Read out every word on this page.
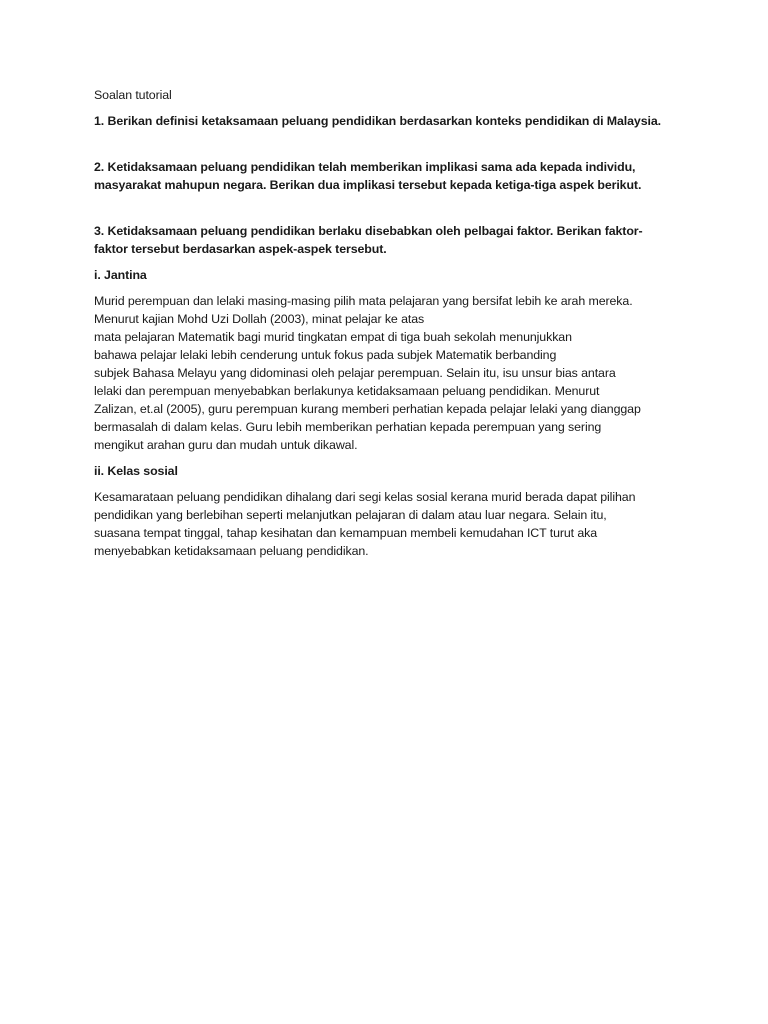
Soalan tutorial
1. Berikan definisi ketaksamaan peluang pendidikan berdasarkan konteks pendidikan di Malaysia.
2. Ketidaksamaan peluang pendidikan telah memberikan implikasi sama ada kepada individu,
masyarakat mahupun negara. Berikan dua implikasi tersebut kepada ketiga-tiga aspek berikut.
3. Ketidaksamaan peluang pendidikan berlaku disebabkan oleh pelbagai faktor. Berikan faktor-
faktor tersebut berdasarkan aspek-aspek tersebut.
i. Jantina
Murid perempuan dan lelaki masing-masing pilih mata pelajaran yang bersifat lebih ke arah mereka.
Menurut kajian Mohd Uzi Dollah (2003), minat pelajar ke atas
mata pelajaran Matematik bagi murid tingkatan empat di tiga buah sekolah menunjukkan
bahawa pelajar lelaki lebih cenderung untuk fokus pada subjek Matematik berbanding
subjek Bahasa Melayu yang didominasi oleh pelajar perempuan. Selain itu, isu unsur bias antara
lelaki dan perempuan menyebabkan berlakunya ketidaksamaan peluang pendidikan. Menurut
Zalizan, et.al (2005), guru perempuan kurang memberi perhatian kepada pelajar lelaki yang dianggap
bermasalah di dalam kelas. Guru lebih memberikan perhatian kepada perempuan yang sering
mengikut arahan guru dan mudah untuk dikawal.
ii. Kelas sosial
Kesamarataan peluang pendidikan dihalang dari segi kelas sosial kerana murid berada dapat pilihan
pendidikan yang berlebihan seperti melanjutkan pelajaran di dalam atau luar negara. Selain itu,
suasana tempat tinggal, tahap kesihatan dan kemampuan membeli kemudahan ICT turut aka
menyebabkan ketidaksamaan peluang pendidikan.
